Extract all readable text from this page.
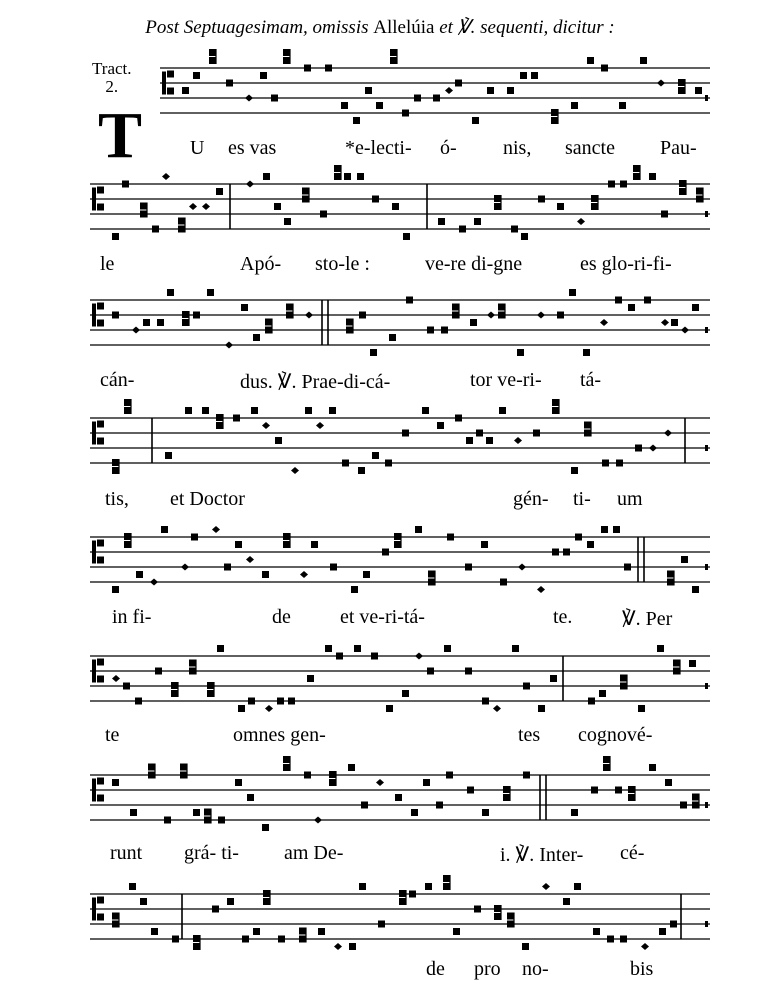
Post Septuagesimam, omissis Allelúia et ℣. sequenti, dicitur :
Tract.
2.
T U es vas	*e-lecti- ó- nis, sancte Pau-
le	Apó- sto-le :	ve-re di-gne	es glo-ri-fi-
cán-	dus. ℣. Prae-di-cá-	tor ve-ri- tá-
tis, et Doctor	gén- ti- um
in fi-	de et ve-ri-tá-	te. ℣. Per
te	omnes gen-	tes cognové-
runt grá- ti- am De-	i. ℣. Inter- cé-
de pro no-	bis
